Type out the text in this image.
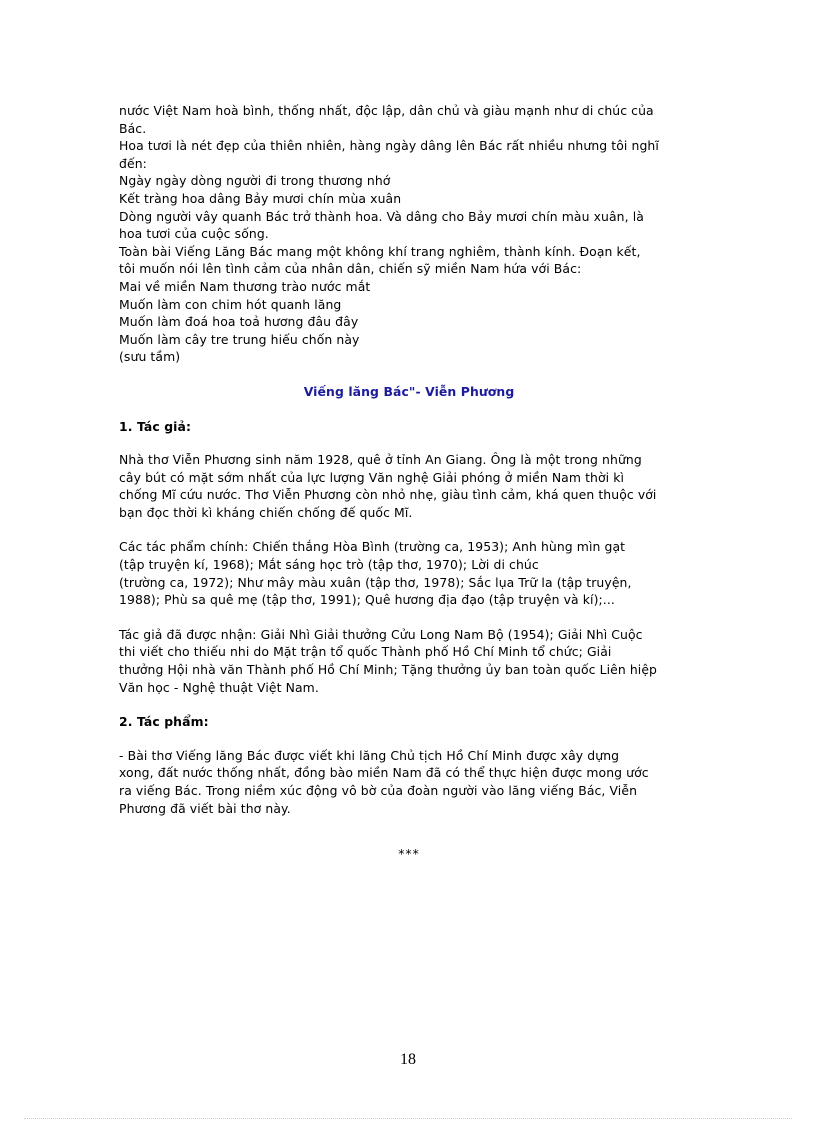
nước Việt Nam hoà bình, thống nhất, độc lập, dân chủ và giàu mạnh như di chúc của
Bác.
Hoa tươi là nét đẹp của thiên nhiên, hàng ngày dâng lên Bác rất nhiều nhưng tôi nghĩ
đến:
Ngày ngày dòng người đi trong thương nhớ
Kết tràng hoa dâng Bảy mươi chín mùa xuân
Dòng người vây quanh Bác trở thành hoa. Và dâng cho Bảy mươi chín màu xuân, là
hoa tươi của cuộc sống.
Toàn bài Viếng Lăng Bác mang một không khí trang nghiêm, thành kính. Đoạn kết,
tôi muốn nói lên tình cảm của nhân dân, chiến sỹ miền Nam hứa với Bác:
Mai về miền Nam thương trào nước mắt
Muốn làm con chim hót quanh lăng
Muốn làm đoá hoa toả hương đâu đây
Muốn làm cây tre trung hiếu chốn này
(sưu tầm)
Viếng lăng Bác"- Viễn Phương
1. Tác giả:
Nhà thơ Viễn Phương sinh năm 1928, quê ở tỉnh An Giang. Ông là một trong những
cây bút có mặt sớm nhất của lực lượng Văn nghệ Giải phóng ở miền Nam thời kì
chống Mĩ cứu nước. Thơ Viễn Phương còn nhỏ nhẹ, giàu tình cảm, khá quen thuộc với
bạn đọc thời kì kháng chiến chống đế quốc Mĩ.
Các tác phẩm chính: Chiến thắng Hòa Bình (trường ca, 1953); Anh hùng mìn gạt
(tập truyện kí, 1968); Mắt sáng học trò (tập thơ, 1970); Lời di chúc
(trường ca, 1972); Như mây màu xuân (tập thơ, 1978); Sắc lụa Trữ la (tập truyện,
1988); Phù sa quê mẹ (tập thơ, 1991); Quê hương địa đạo (tập truyện và kí);...
Tác giả đã được nhận: Giải Nhì Giải thưởng Cửu Long Nam Bộ (1954); Giải Nhì Cuộc
thi viết cho thiếu nhi do Mặt trận tổ quốc Thành phố Hồ Chí Minh tổ chức; Giải
thưởng Hội nhà văn Thành phố Hồ Chí Minh; Tặng thưởng ủy ban toàn quốc Liên hiệp
Văn học - Nghệ thuật Việt Nam.
2. Tác phẩm:
- Bài thơ Viếng lăng Bác được viết khi lăng Chủ tịch Hồ Chí Minh được xây dựng
xong, đất nước thống nhất, đồng bào miền Nam đã có thể thực hiện được mong ước
ra viếng Bác. Trong niềm xúc động vô bờ của đoàn người vào lăng viếng Bác, Viễn
Phương đã viết bài thơ này.
***
18
